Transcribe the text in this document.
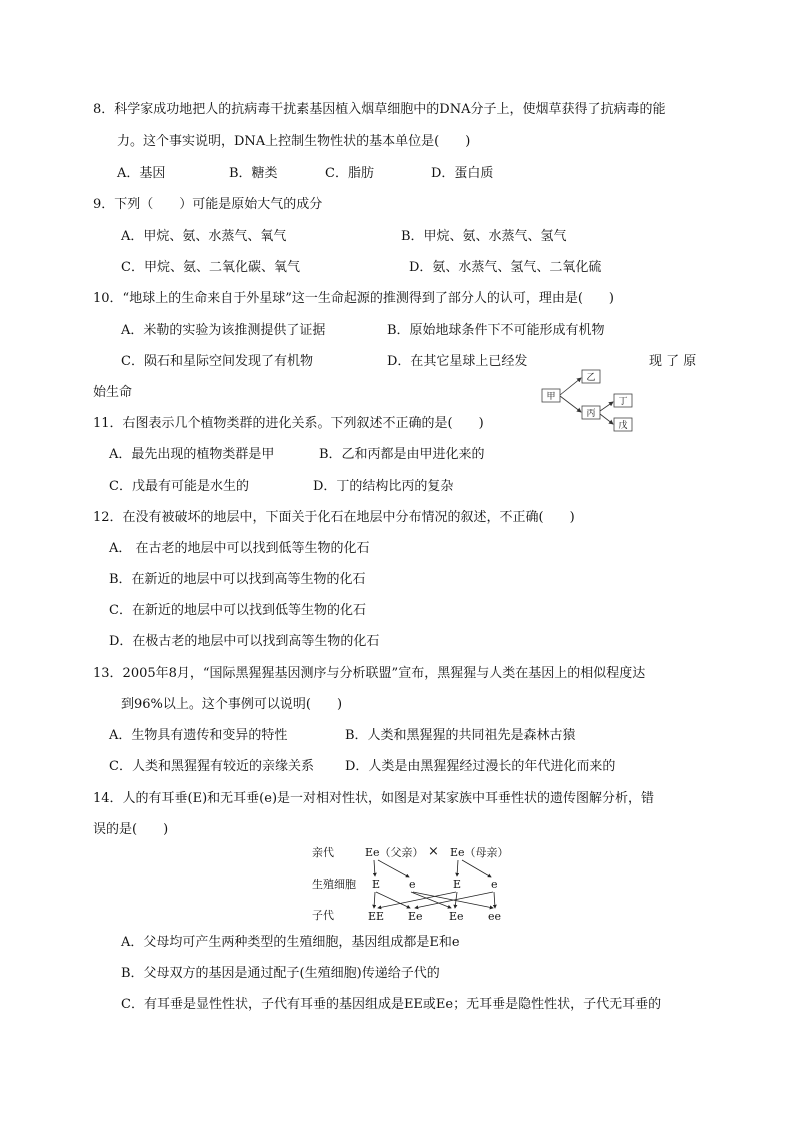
8．科学家成功地把人的抗病毒干扰素基因植入烟草细胞中的DNA分子上，使烟草获得了抗病毒的能
力。这个事实说明，DNA上控制生物性状的基本单位是(　　)
A．基因	B．糖类	C．脂肪	D．蛋白质
9．下列（　　）可能是原始大气的成分
A．甲烷、氨、水蒸气、氧气	B．甲烷、氨、水蒸气、氢气
C．甲烷、氨、二氧化碳、氧气	D．氨、水蒸气、氢气、二氧化硫
10．“地球上的生命来自于外星球”这一生命起源的推测得到了部分人的认可，理由是(　　)
A．米勒的实验为该推测提供了证据	B．原始地球条件下不可能形成有机物
C．陨石和星际空间发现了有机物	D．在其它星球上已经发	现 了 原
始生命	甲
乙
丙
丁
戊
11．右图表示几个植物类群的进化关系。下列叙述不正确的是(　　)
A．最先出现的植物类群是甲	B．乙和丙都是由甲进化来的
C．戊最有可能是水生的	D．丁的结构比丙的复杂
12．在没有被破坏的地层中，下面关于化石在地层中分布情况的叙述，不正确(　　)
A． 在古老的地层中可以找到低等生物的化石
B．在新近的地层中可以找到高等生物的化石
C．在新近的地层中可以找到低等生物的化石
D．在极古老的地层中可以找到高等生物的化石
13．2005年8月，“国际黑猩猩基因测序与分析联盟”宣布，黑猩猩与人类在基因上的相似程度达
到96%以上。这个事例可以说明(　　)
A．生物具有遗传和变异的特性	B．人类和黑猩猩的共同祖先是森林古猿
C．人类和黑猩猩有较近的亲缘关系 D．人类是由黑猩猩经过漫长的年代进化而来的
14．人的有耳垂(E)和无耳垂(e)是一对相对性状，如图是对某家族中耳垂性状的遗传图解分析，错
误的是(　　)
亲代
生殖细胞
子代
Ee（父亲） × Ee（母亲）
E	e	E	e
EE Ee Ee ee
A．父母均可产生两种类型的生殖细胞，基因组成都是E和e
B．父母双方的基因是通过配子(生殖细胞)传递给子代的
C．有耳垂是显性性状，子代有耳垂的基因组成是EE或Ee；无耳垂是隐性性状，子代无耳垂的
